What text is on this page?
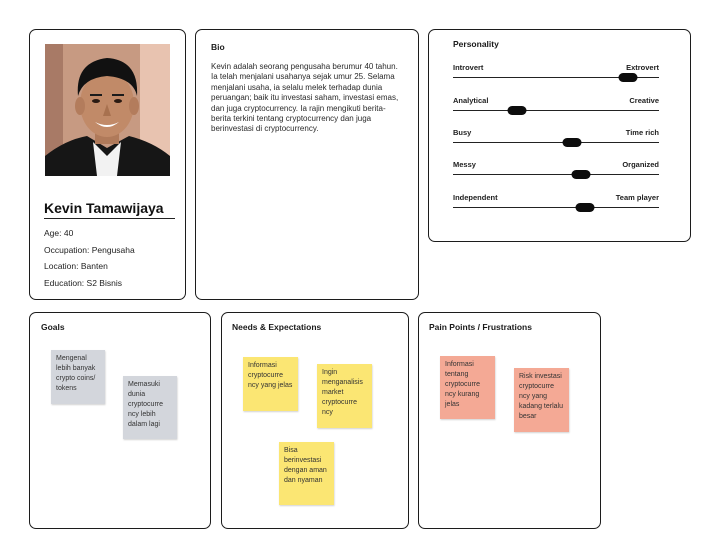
Kevin Tamawijaya
Age: 40
Occupation: Pengusaha
Location: Banten
Education: S2 Bisnis
Bio
Kevin adalah seorang pengusaha berumur 40 tahun. Ia telah menjalani usahanya sejak umur 25. Selama menjalani usaha, ia selalu melek terhadap dunia peruangan; baik itu investasi saham, investasi emas, dan juga cryptocurrency. Ia rajin mengikuti berita-berita terkini tentang cryptocurrency dan juga berinvestasi di cryptocurrency.
Personality
Introvert	Extrovert
Analytical	Creative
Busy	Time rich
Messy	Organized
Independent	Team player
Goals
Mengenal lebih banyak crypto coins/ tokens
Memasuki dunia cryptocurre ncy lebih dalam lagi
Needs & Expectations
Informasi cryptocurre ncy yang jelas
Ingin menganalisis market cryptocurre ncy
Bisa berinvestasi dengan aman dan nyaman
Pain Points / Frustrations
Informasi tentang cryptocurre ncy kurang jelas
Risk investasi cryptocurre ncy yang kadang terlalu besar
